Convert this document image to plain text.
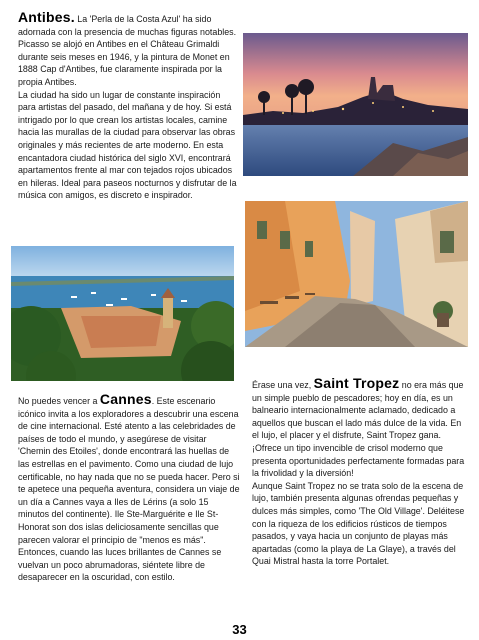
Antibes. La 'Perla de la Costa Azul' ha sido adornada con la presencia de muchas figuras notables. Picasso se alojó en Antibes en el Château Grimaldi durante seis meses en 1946, y la pintura de Monet en 1888 Cap d'Antibes, fue claramente inspirada por la propia Antibes.
La ciudad ha sido un lugar de constante inspiración para artistas del pasado, del mañana y de hoy. Si está intrigado por lo que crean los artistas locales, camine hacia las murallas de la ciudad para observar las obras originales y más recientes de arte moderno. En esta encantadora ciudad histórica del siglo XVI, encontrará apartamentos frente al mar con tejados rojos ubicados en hileras. Ideal para paseos nocturnos y disfrutar de la música con amigos, es discreto e inspirador.
No puedes vencer a Cannes. Este escenario icónico invita a los exploradores a descubrir una escena de cine internacional. Esté atento a las celebridades de países de todo el mundo, y asegúrese de visitar 'Chemin des Etoiles', donde encontrará las huellas de las estrellas en el pavimento. Como una ciudad de lujo certificable, no hay nada que no se pueda hacer. Pero si te apetece una pequeña aventura, considera un viaje de un día a Cannes vaya a Iles de Lérins (a solo 15 minutos del continente). Ile Ste-Marguérite e Ile St-Honorat son dos islas deliciosamente sencillas que parecen valorar el principio de "menos es más". Entonces, cuando las luces brillantes de Cannes se vuelvan un poco abrumadoras, siéntete libre de desaparecer en la oscuridad, con estilo.
Érase una vez, Saint Tropez no era más que un simple pueblo de pescadores; hoy en día, es un balneario internacionalmente aclamado, dedicado a aquellos que buscan el lado más dulce de la vida. En el lujo, el placer y el disfrute, Saint Tropez gana. ¡Ofrece un tipo invencible de crisol moderno que presenta oportunidades perfectamente formadas para la frivolidad y la diversión!
Aunque Saint Tropez no se trata solo de la escena de lujo, también presenta algunas ofrendas pequeñas y dulces más simples, como 'The Old Village'. Deléitese con la riqueza de los edificios rústicos de tiempos pasados, y vaya hacia un conjunto de playas más apartadas (como la playa de La Glaye), a través del Quai Mistral hasta la torre Portalet.
33
